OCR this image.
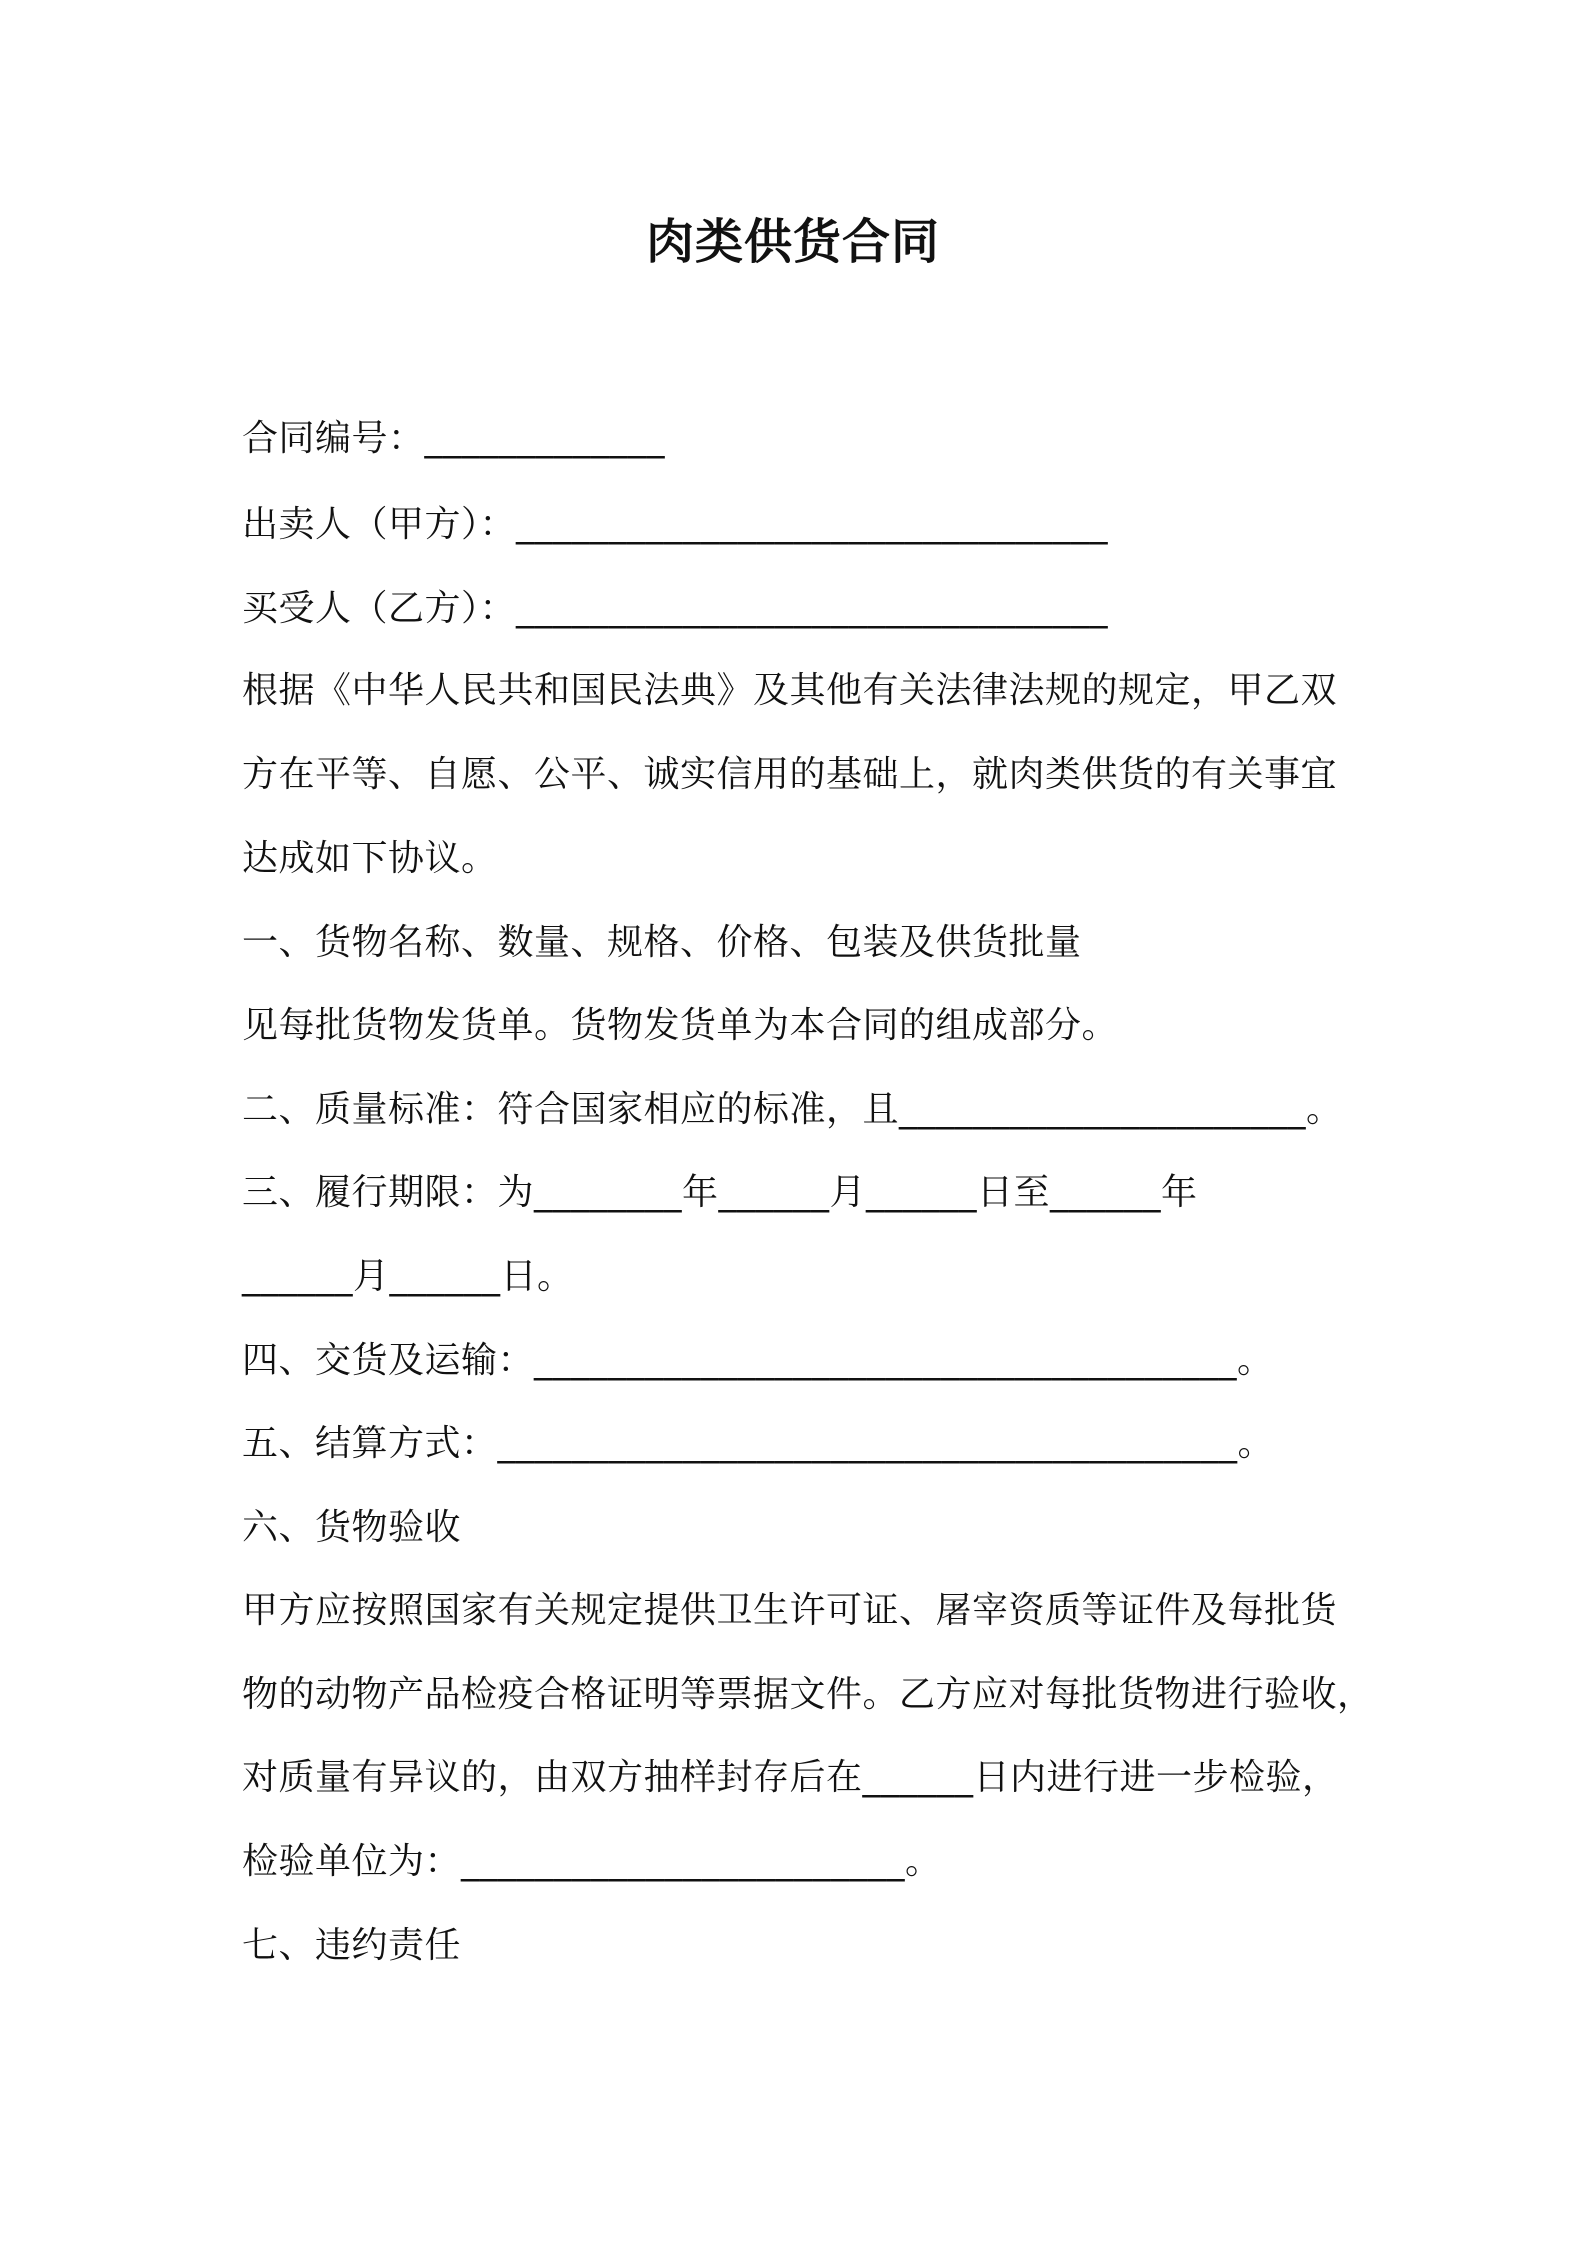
肉类供货合同
合同编号：_____________
出卖人（甲方）：________________________________
买受人（乙方）：________________________________
根据《中华人民共和国民法典》及其他有关法律法规的规定，甲乙双
方在平等、自愿、公平、诚实信用的基础上，就肉类供货的有关事宜
达成如下协议。
一、货物名称、数量、规格、价格、包装及供货批量
见每批货物发货单。货物发货单为本合同的组成部分。
二、质量标准：符合国家相应的标准，且______________________。
三、履行期限：为________年______月______日至______年
______月______日。
四、交货及运输：______________________________________。
五、结算方式：________________________________________。
六、货物验收
甲方应按照国家有关规定提供卫生许可证、屠宰资质等证件及每批货
物的动物产品检疫合格证明等票据文件。乙方应对每批货物进行验收，
对质量有异议的，由双方抽样封存后在______日内进行进一步检验，
检验单位为：________________________。
七、违约责任
